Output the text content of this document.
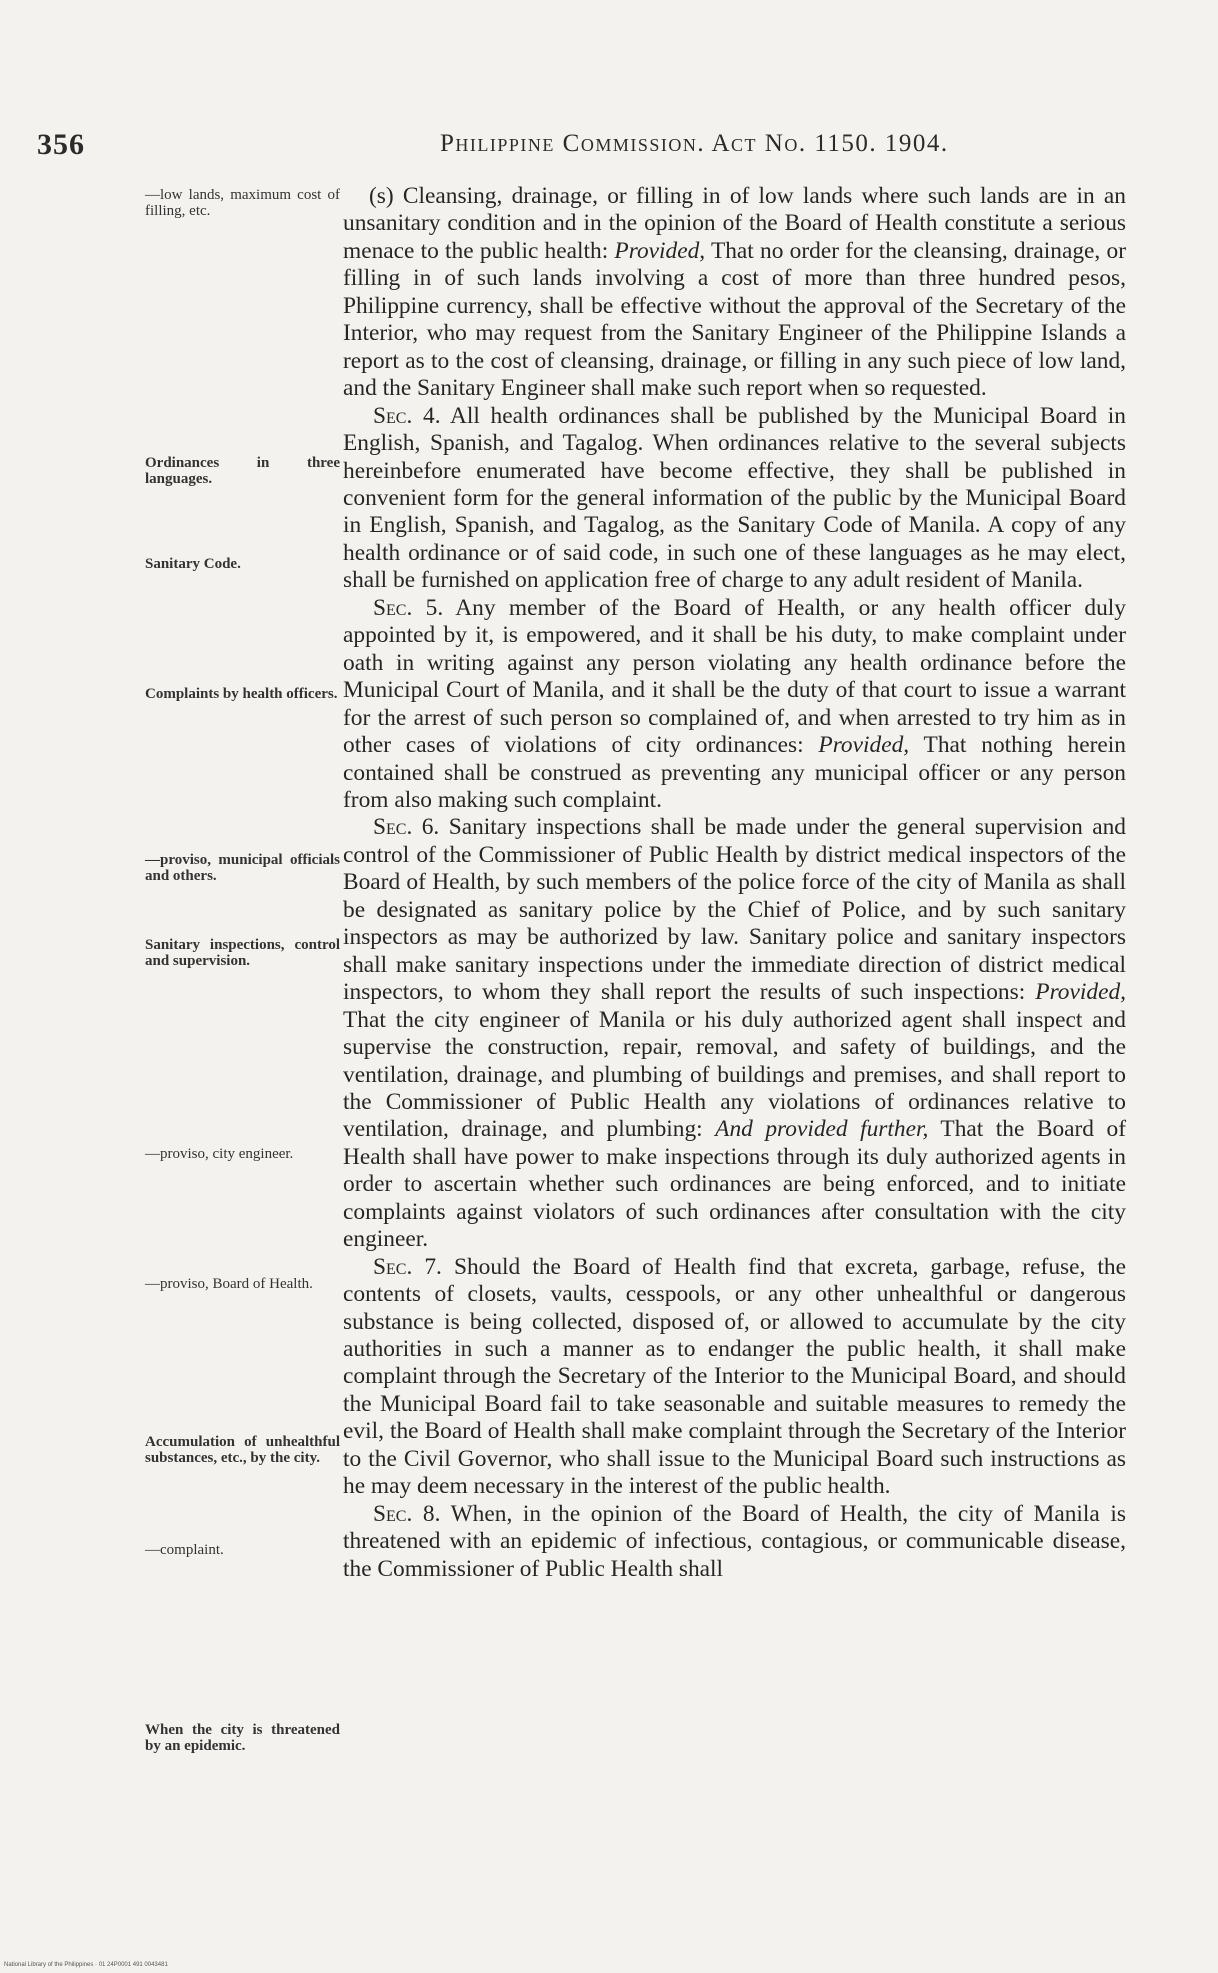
356	Philippine Commission. Act No. 1150. 1904.
—low lands, maximum cost of filling, etc.
Ordinances in three languages.
Sanitary Code.
Complaints by health officers.
—proviso, municipal officials and others.
Sanitary inspections, control and supervision.
—proviso, city engineer.
—proviso, Board of Health.
Accumulation of unhealthful substances, etc., by the city.
—complaint.
When the city is threatened by an epidemic.

(s) Cleansing, drainage, or filling in of low lands where such lands are in an unsanitary condition and in the opinion of the Board of Health constitute a serious menace to the public health: Provided, That no order for the cleansing, drainage, or filling in of such lands involving a cost of more than three hundred pesos, Philippine currency, shall be effective without the approval of the Secretary of the Interior, who may request from the Sanitary Engineer of the Philippine Islands a report as to the cost of cleansing, drainage, or filling in any such piece of low land, and the Sanitary Engineer shall make such report when so requested.

Sec. 4. All health ordinances shall be published by the Municipal Board in English, Spanish, and Tagalog. When ordinances relative to the several subjects hereinbefore enumerated have become effective, they shall be published in convenient form for the general information of the public by the Municipal Board in English, Spanish, and Tagalog, as the Sanitary Code of Manila. A copy of any health ordinance or of said code, in such one of these languages as he may elect, shall be furnished on application free of charge to any adult resident of Manila.

Sec. 5. Any member of the Board of Health, or any health officer duly appointed by it, is empowered, and it shall be his duty, to make complaint under oath in writing against any person violating any health ordinance before the Municipal Court of Manila, and it shall be the duty of that court to issue a warrant for the arrest of such person so complained of, and when arrested to try him as in other cases of violations of city ordinances: Provided, That nothing herein contained shall be construed as preventing any municipal officer or any person from also making such complaint.

Sec. 6. Sanitary inspections shall be made under the general supervision and control of the Commissioner of Public Health by district medical inspectors of the Board of Health, by such members of the police force of the city of Manila as shall be designated as sanitary police by the Chief of Police, and by such sanitary inspectors as may be authorized by law. Sanitary police and sanitary inspectors shall make sanitary inspections under the immediate direction of district medical inspectors, to whom they shall report the results of such inspections: Provided, That the city engineer of Manila or his duly authorized agent shall inspect and supervise the construction, repair, removal, and safety of buildings, and the ventilation, drainage, and plumbing of buildings and premises, and shall report to the Commissioner of Public Health any violations of ordinances relative to ventilation, drainage, and plumbing: And provided further, That the Board of Health shall have power to make inspections through its duly authorized agents in order to ascertain whether such ordinances are being enforced, and to initiate complaints against violators of such ordinances after consultation with the city engineer.

Sec. 7. Should the Board of Health find that excreta, garbage, refuse, the contents of closets, vaults, cesspools, or any other unhealthful or dangerous substance is being collected, disposed of, or allowed to accumulate by the city authorities in such a manner as to endanger the public health, it shall make complaint through the Secretary of the Interior to the Municipal Board, and should the Municipal Board fail to take seasonable and suitable measures to remedy the evil, the Board of Health shall make complaint through the Secretary of the Interior to the Civil Governor, who shall issue to the Municipal Board such instructions as he may deem necessary in the interest of the public health.

Sec. 8. When, in the opinion of the Board of Health, the city of Manila is threatened with an epidemic of infectious, contagious, or communicable disease, the Commissioner of Public Health shall

National Library of the Philippines · 01 24P0001 491 0043481
